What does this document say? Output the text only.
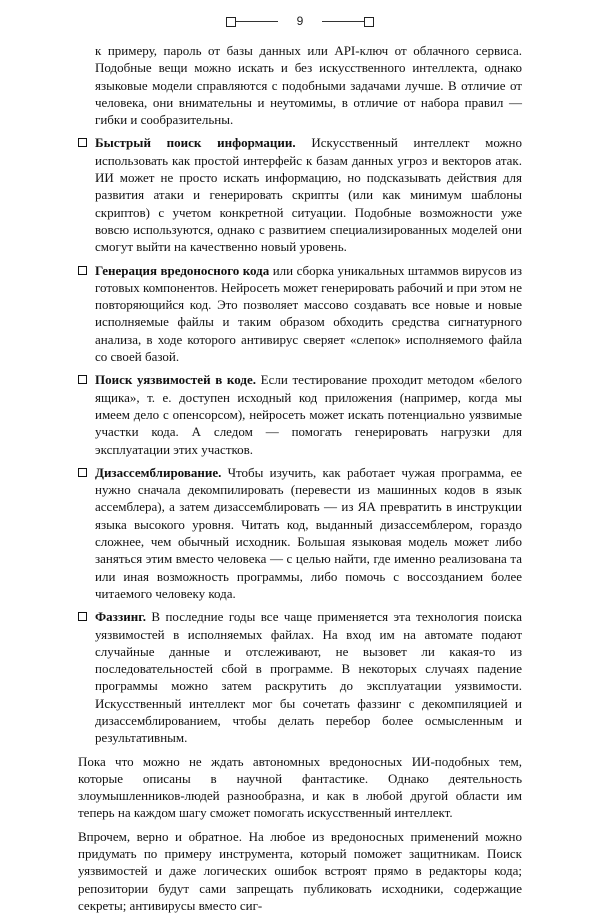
9

к примеру, пароль от базы данных или API-ключ от облачного сервиса. Подобные вещи можно искать и без искусственного интеллекта, однако языковые модели справляются с подобными задачами лучше. В отличие от человека, они внимательны и неутомимы, в отличие от набора правил — гибки и сообразительны.

Быстрый поиск информации. Искусственный интеллект можно использовать как простой интерфейс к базам данных угроз и векторов атак. ИИ может не просто искать информацию, но подсказывать действия для развития атаки и генерировать скрипты (или как минимум шаблоны скриптов) с учетом конкретной ситуации. Подобные возможности уже вовсю используются, однако с развитием специализированных моделей они смогут выйти на качественно новый уровень.
Генерация вредоносного кода или сборка уникальных штаммов вирусов из готовых компонентов. Нейросеть может генерировать рабочий и при этом не повторяющийся код. Это позволяет массово создавать все новые и новые исполняемые файлы и таким образом обходить средства сигнатурного анализа, в ходе которого антивирус сверяет «слепок» исполняемого файла со своей базой.
Поиск уязвимостей в коде. Если тестирование проходит методом «белого ящика», т. е. доступен исходный код приложения (например, когда мы имеем дело с опенсорсом), нейросеть может искать потенциально уязвимые участки кода. А следом — помогать генерировать нагрузки для эксплуатации этих участков.
Дизассемблирование. Чтобы изучить, как работает чужая программа, ее нужно сначала декомпилировать (перевести из машинных кодов в язык ассемблера), а затем дизассемблировать — из ЯА превратить в инструкции языка высокого уровня. Читать код, выданный дизассемблером, гораздо сложнее, чем обычный исходник. Большая языковая модель может либо заняться этим вместо человека — с целью найти, где именно реализована та или иная возможность программы, либо помочь с воссозданием более читаемого человеку кода.
Фаззинг. В последние годы все чаще применяется эта технология поиска уязвимостей в исполняемых файлах. На вход им на автомате подают случайные данные и отслеживают, не вызовет ли какая-то из последовательностей сбой в программе. В некоторых случаях падение программы можно затем раскрутить до эксплуатации уязвимости. Искусственный интеллект мог бы сочетать фаззинг с декомпиляцией и дизассемблированием, чтобы делать перебор более осмысленным и результативным.

Пока что можно не ждать автономных вредоносных ИИ-подобных тем, которые описаны в научной фантастике. Однако деятельность злоумышленников-людей разнообразна, и как в любой другой области им теперь на каждом шагу сможет помогать искусственный интеллект.

Впрочем, верно и обратное. На любое из вредоносных применений можно придумать по примеру инструмента, который поможет защитникам. Поиск уязвимостей и даже логических ошибок встроят прямо в редакторы кода; репозитории будут сами запрещать публиковать исходники, содержащие секреты; антивирусы вместо сиг-
